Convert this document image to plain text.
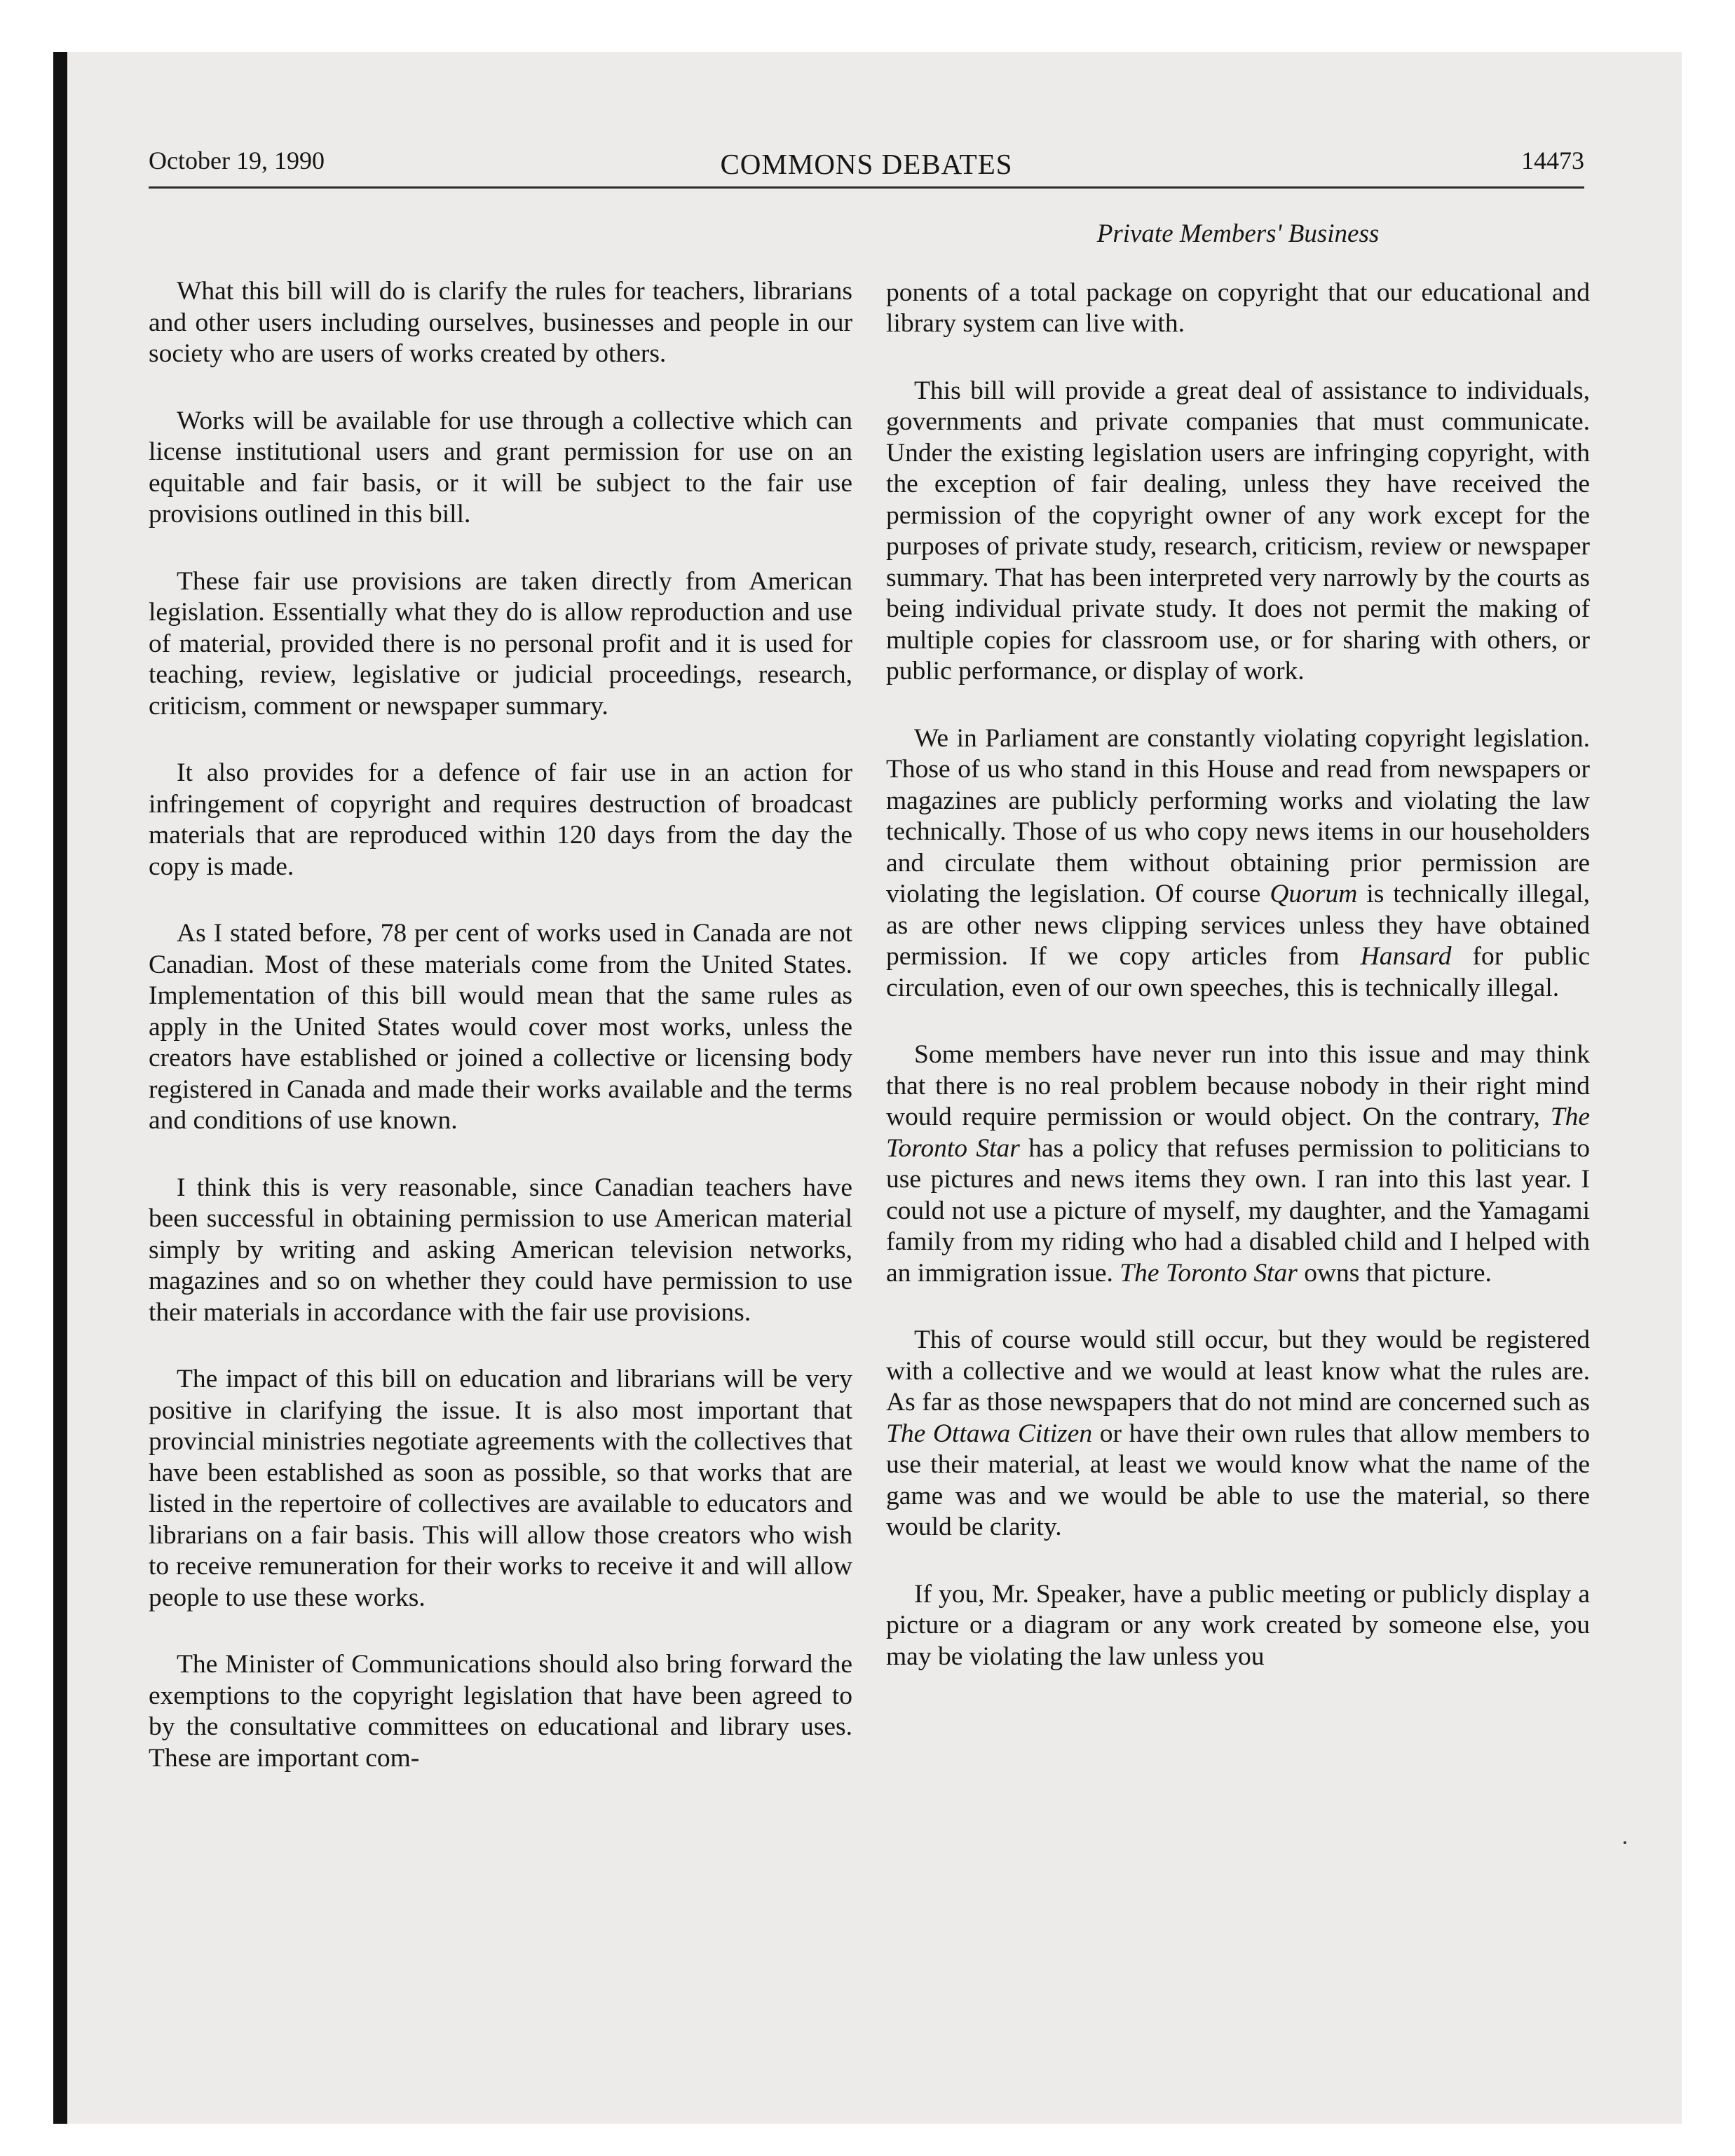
October 19, 1990	COMMONS DEBATES	14473

What this bill will do is clarify the rules for teachers, librarians and other users including ourselves, businesses and people in our society who are users of works created by others.

Works will be available for use through a collective which can license institutional users and grant permission for use on an equitable and fair basis, or it will be subject to the fair use provisions outlined in this bill.

These fair use provisions are taken directly from American legislation. Essentially what they do is allow reproduction and use of material, provided there is no personal profit and it is used for teaching, review, legislative or judicial proceedings, research, criticism, comment or newspaper summary.

It also provides for a defence of fair use in an action for infringement of copyright and requires destruction of broadcast materials that are reproduced within 120 days from the day the copy is made.

As I stated before, 78 per cent of works used in Canada are not Canadian. Most of these materials come from the United States. Implementation of this bill would mean that the same rules as apply in the United States would cover most works, unless the creators have established or joined a collective or licensing body registered in Canada and made their works available and the terms and conditions of use known.

I think this is very reasonable, since Canadian teachers have been successful in obtaining permission to use American material simply by writing and asking American television networks, magazines and so on whether they could have permission to use their materials in accordance with the fair use provisions.

The impact of this bill on education and librarians will be very positive in clarifying the issue. It is also most important that provincial ministries negotiate agreements with the collectives that have been established as soon as possible, so that works that are listed in the repertoire of collectives are available to educators and librarians on a fair basis. This will allow those creators who wish to receive remuneration for their works to receive it and will allow people to use these works.

The Minister of Communications should also bring forward the exemptions to the copyright legislation that have been agreed to by the consultative committees on educational and library uses. These are important com-

Private Members' Business

ponents of a total package on copyright that our educational and library system can live with.

This bill will provide a great deal of assistance to individuals, governments and private companies that must communicate. Under the existing legislation users are infringing copyright, with the exception of fair dealing, unless they have received the permission of the copyright owner of any work except for the purposes of private study, research, criticism, review or newspaper summary. That has been interpreted very narrowly by the courts as being individual private study. It does not permit the making of multiple copies for classroom use, or for sharing with others, or public performance, or display of work.

We in Parliament are constantly violating copyright legislation. Those of us who stand in this House and read from newspapers or magazines are publicly performing works and violating the law technically. Those of us who copy news items in our householders and circulate them without obtaining prior permission are violating the legislation. Of course Quorum is technically illegal, as are other news clipping services unless they have obtained permission. If we copy articles from Hansard for public circulation, even of our own speeches, this is technically illegal.

Some members have never run into this issue and may think that there is no real problem because nobody in their right mind would require permission or would object. On the contrary, The Toronto Star has a policy that refuses permission to politicians to use pictures and news items they own. I ran into this last year. I could not use a picture of myself, my daughter, and the Yamagami family from my riding who had a disabled child and I helped with an immigration issue. The Toronto Star owns that picture.

This of course would still occur, but they would be registered with a collective and we would at least know what the rules are. As far as those newspapers that do not mind are concerned such as The Ottawa Citizen or have their own rules that allow members to use their material, at least we would know what the name of the game was and we would be able to use the material, so there would be clarity.

If you, Mr. Speaker, have a public meeting or publicly display a picture or a diagram or any work created by someone else, you may be violating the law unless you
